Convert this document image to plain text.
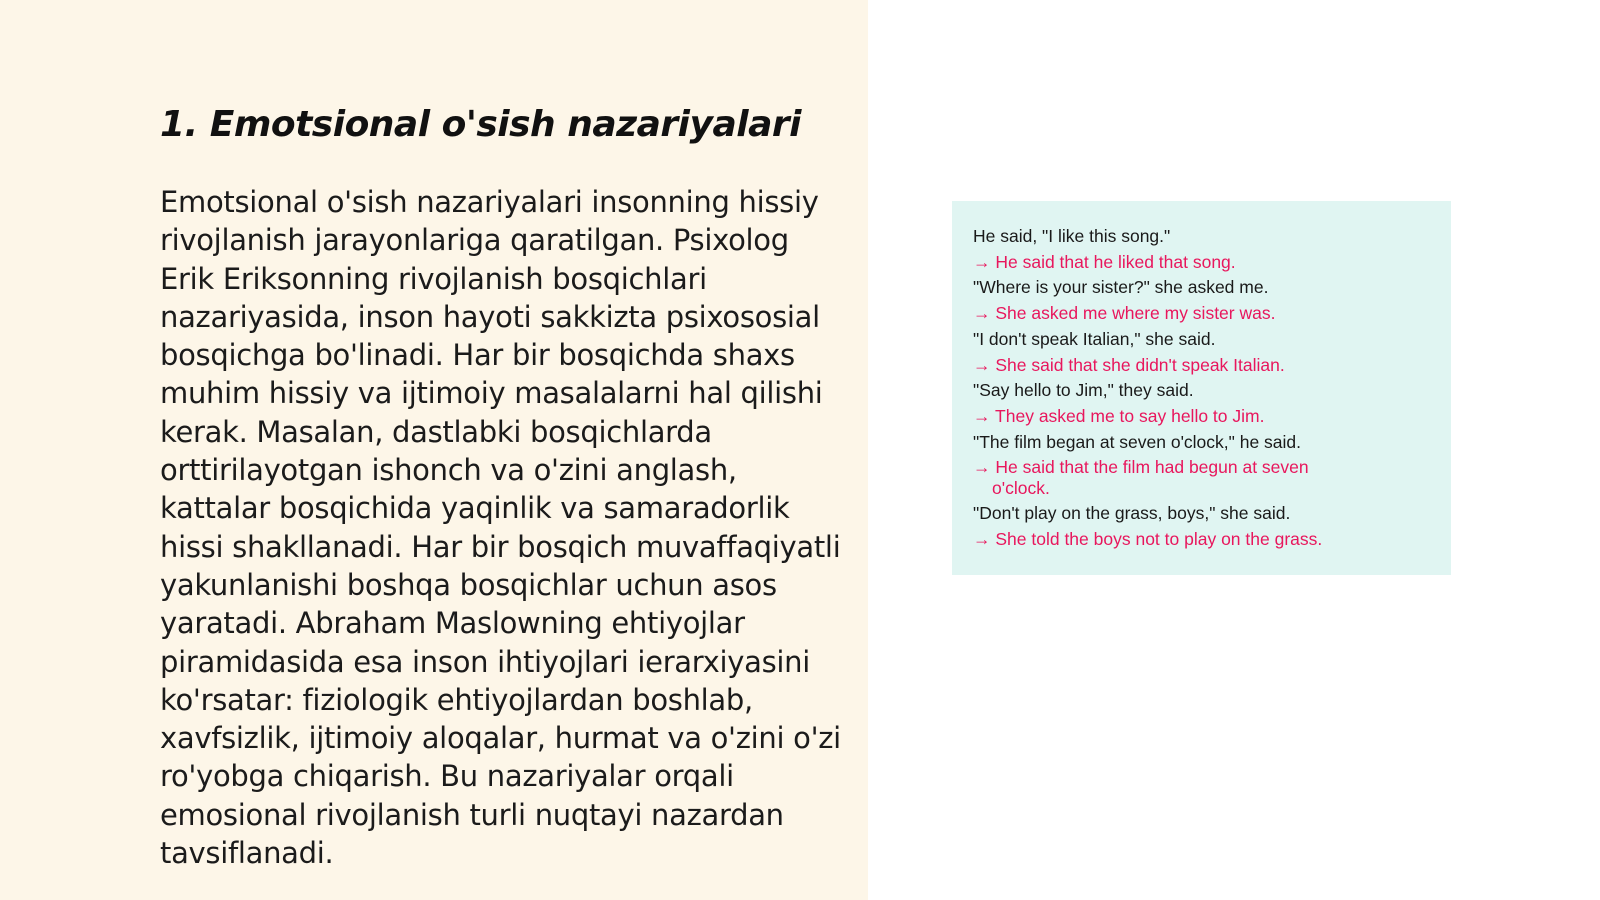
1. Emotsional o'sish nazariyalari

Emotsional o'sish nazariyalari insonning hissiy rivojlanish jarayonlariga qaratilgan. Psixolog Erik Eriksonning rivojlanish bosqichlari nazariyasida, inson hayoti sakkizta psixososial bosqichga bo'linadi. Har bir bosqichda shaxs muhim hissiy va ijtimoiy masalalarni hal qilishi kerak. Masalan, dastlabki bosqichlarda orttirilayotgan ishonch va o'zini anglash, kattalar bosqichida yaqinlik va samaradorlik hissi shakllanadi. Har bir bosqich muvaffaqiyatli yakunlanishi boshqa bosqichlar uchun asos yaratadi. Abraham Maslowning ehtiyojlar piramidasida esa inson ihtiyojlari ierarxiyasini ko'rsatar: fiziologik ehtiyojlardan boshlab, xavfsizlik, ijtimoiy aloqalar, hurmat va o'zini o'zi ro'yobga chiqarish. Bu nazariyalar orqali emosional rivojlanish turli nuqtayi nazardan tavsiflanadi.

He said, "I like this song."

→ He said that he liked that song.

"Where is your sister?" she asked me.

→ She asked me where my sister was.

"I don't speak Italian," she said.

→ She said that she didn't speak Italian.

"Say hello to Jim," they said.

→ They asked me to say hello to Jim.

"The film began at seven o'clock," he said.

→ He said that the film had begun at seven
o'clock.

"Don't play on the grass, boys," she said.

→ She told the boys not to play on the grass.
